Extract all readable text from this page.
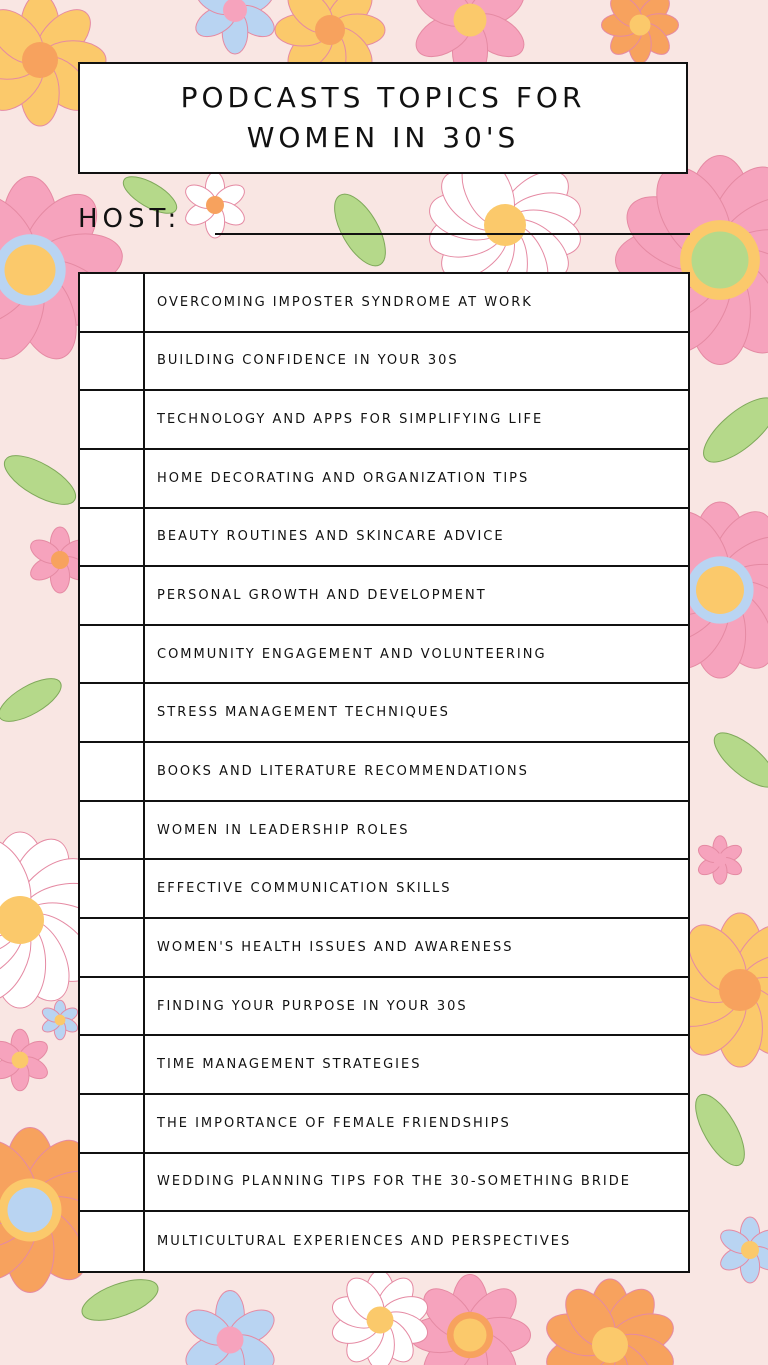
PODCASTS TOPICS FOR
WOMEN IN 30'S
HOST:
OVERCOMING IMPOSTER SYNDROME AT WORK
BUILDING CONFIDENCE IN YOUR 30S
TECHNOLOGY AND APPS FOR SIMPLIFYING LIFE
HOME DECORATING AND ORGANIZATION TIPS
BEAUTY ROUTINES AND SKINCARE ADVICE
PERSONAL GROWTH AND DEVELOPMENT
COMMUNITY ENGAGEMENT AND VOLUNTEERING
STRESS MANAGEMENT TECHNIQUES
BOOKS AND LITERATURE RECOMMENDATIONS
WOMEN IN LEADERSHIP ROLES
EFFECTIVE COMMUNICATION SKILLS
WOMEN'S HEALTH ISSUES AND AWARENESS
FINDING YOUR PURPOSE IN YOUR 30S
TIME MANAGEMENT STRATEGIES
THE IMPORTANCE OF FEMALE FRIENDSHIPS
WEDDING PLANNING TIPS FOR THE 30-SOMETHING BRIDE
MULTICULTURAL EXPERIENCES AND PERSPECTIVES
